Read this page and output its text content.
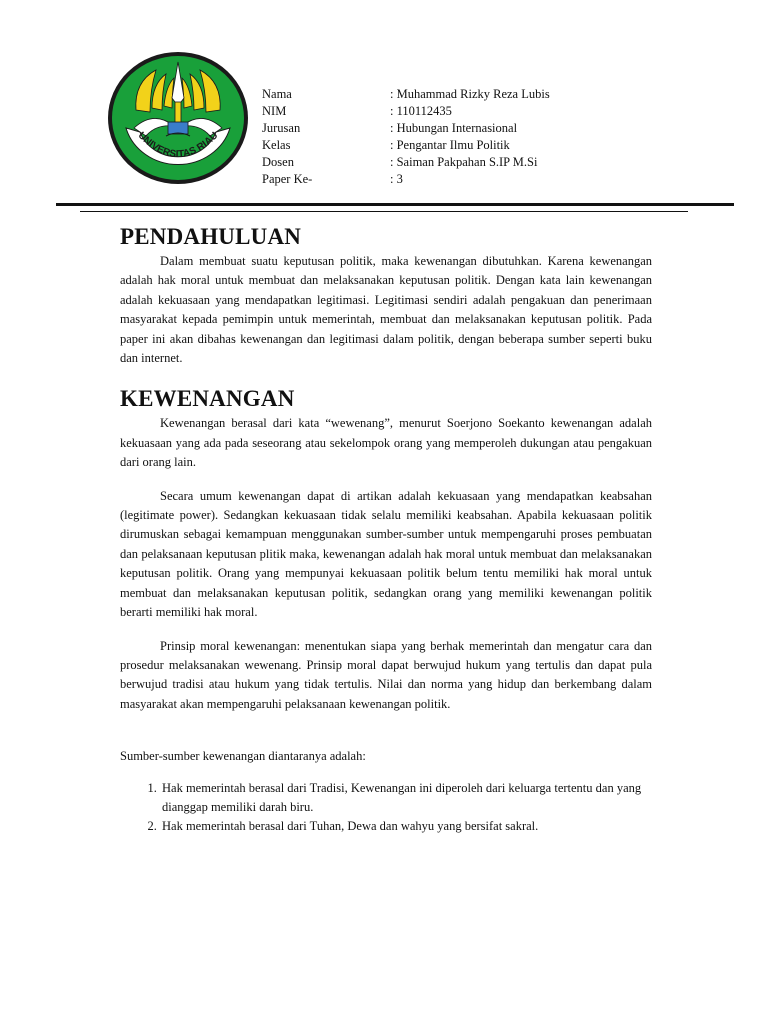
UNIVERSITAS RIAU
Nama	: Muhammad Rizky Reza Lubis
NIM	: 110112435
Jurusan	: Hubungan Internasional
Kelas	: Pengantar Ilmu Politik
Dosen	: Saiman Pakpahan S.IP M.Si
Paper Ke-	: 3
PENDAHULUAN

Dalam membuat suatu keputusan politik, maka kewenangan dibutuhkan. Karena kewenangan adalah hak moral untuk membuat dan melaksanakan keputusan politik. Dengan kata lain kewenangan adalah kekuasaan yang mendapatkan legitimasi. Legitimasi sendiri adalah pengakuan dan penerimaan masyarakat kepada pemimpin untuk memerintah, membuat dan melaksanakan keputusan politik. Pada paper ini akan dibahas kewenangan dan legitimasi dalam politik, dengan beberapa sumber seperti buku dan internet.

KEWENANGAN

Kewenangan berasal dari kata “wewenang”, menurut Soerjono Soekanto kewenangan adalah kekuasaan yang ada pada seseorang atau sekelompok orang yang memperoleh dukungan atau pengakuan dari orang lain.

Secara umum kewenangan dapat di artikan adalah kekuasaan yang mendapatkan keabsahan (legitimate power). Sedangkan kekuasaan tidak selalu memiliki keabsahan. Apabila kekuasaan politik dirumuskan sebagai kemampuan menggunakan sumber-sumber untuk mempengaruhi proses pembuatan dan pelaksanaan keputusan plitik maka, kewenangan adalah hak moral untuk membuat dan melaksanakan keputusan politik. Orang yang mempunyai kekuasaan politik belum tentu memiliki hak moral untuk membuat dan melaksanakan keputusan politik, sedangkan orang yang memiliki kewenangan politik berarti memiliki hak moral.

Prinsip moral kewenangan: menentukan siapa yang berhak memerintah dan mengatur cara dan prosedur melaksanakan wewenang. Prinsip moral dapat berwujud hukum yang tertulis dan dapat pula berwujud tradisi atau hukum yang tidak tertulis. Nilai dan norma yang hidup dan berkembang dalam masyarakat akan mempengaruhi pelaksanaan kewenangan politik.

Sumber-sumber kewenangan diantaranya adalah:

1. Hak memerintah berasal dari Tradisi, Kewenangan ini diperoleh dari keluarga tertentu dan yang dianggap memiliki darah biru.
2. Hak memerintah berasal dari Tuhan, Dewa dan wahyu yang bersifat sakral.
